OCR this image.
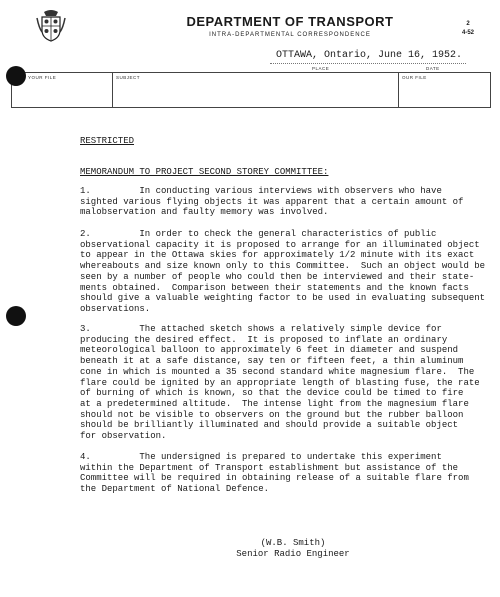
DEPARTMENT OF TRANSPORT
INTRA-DEPARTMENTAL CORRESPONDENCE
2
4-52
OTTAWA, Ontario, June 16, 1952.
PLACE	DATE
YOUR FILE	SUBJECT	OUR FILE
RESTRICTED
MEMORANDUM TO PROJECT SECOND STOREY COMMITTEE:
1.         In conducting various interviews with observers who have
sighted various flying objects it was apparent that a certain amount of
malobservation and faulty memory was involved.
2.         In order to check the general characteristics of public
observational capacity it is proposed to arrange for an illuminated object
to appear in the Ottawa skies for approximately 1/2 minute with its exact
whereabouts and size known only to this Committee.  Such an object would be
seen by a number of people who could then be interviewed and their state-
ments obtained.  Comparison between their statements and the known facts
should give a valuable weighting factor to be used in evaluating subsequent
observations.
3.         The attached sketch shows a relatively simple device for
producing the desired effect.  It is proposed to inflate an ordinary
meteorological balloon to approximately 6 feet in diameter and suspend
beneath it at a safe distance, say ten or fifteen feet, a thin aluminum
cone in which is mounted a 35 second standard white magnesium flare.  The
flare could be ignited by an appropriate length of blasting fuse, the rate
of burning of which is known, so that the device could be timed to fire
at a predetermined altitude.  The intense light from the magnesium flare
should not be visible to observers on the ground but the rubber balloon
should be brilliantly illuminated and should provide a suitable object
for observation.
4.         The undersigned is prepared to undertake this experiment
within the Department of Transport establishment but assistance of the
Committee will be required in obtaining release of a suitable flare from
the Department of National Defence.
(W.B. Smith)
Senior Radio Engineer
